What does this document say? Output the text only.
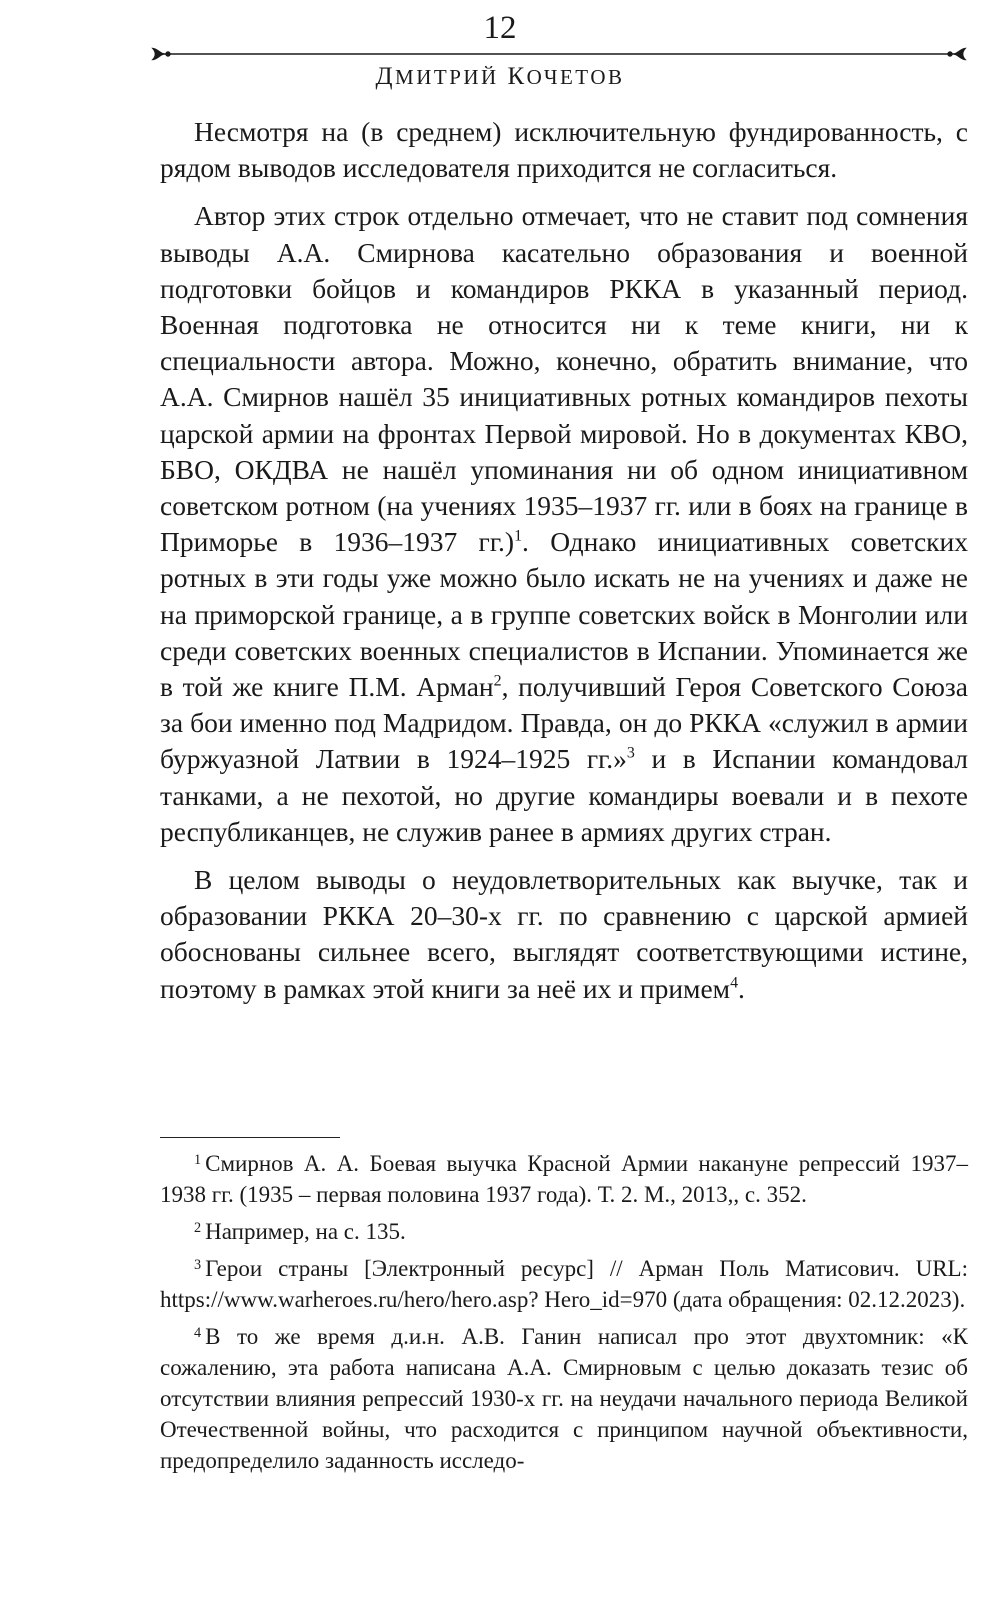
12
ДМИТРИЙ КОЧЕТОВ

Несмотря на (в среднем) исключительную фундированность, с рядом выводов исследователя приходится не согласиться.

Автор этих строк отдельно отмечает, что не ставит под сомнения выводы А.А. Смирнова касательно образования и военной подготовки бойцов и командиров РККА в указанный период. Военная подготовка не относится ни к теме книги, ни к специальности автора. Можно, конечно, обратить внимание, что А.А. Смирнов нашёл 35 инициативных ротных командиров пехоты царской армии на фронтах Первой мировой. Но в документах КВО, БВО, ОКДВА не нашёл упоминания ни об одном инициативном советском ротном (на учениях 1935–1937 гг. или в боях на границе в Приморье в 1936–1937 гг.)$^1$. Однако инициативных советских ротных в эти годы уже можно было искать не на учениях и даже не на приморской границе, а в группе советских войск в Монголии или среди советских военных специалистов в Испании. Упоминается же в той же книге П.М. Арман$^2$, получивший Героя Советского Союза за бои именно под Мадридом. Правда, он до РККА «служил в армии буржуазной Латвии в 1924–1925 гг.»$^3$ и в Испании командовал танками, а не пехотой, но другие командиры воевали и в пехоте республиканцев, не служив ранее в армиях других стран.

В целом выводы о неудовлетворительных как выучке, так и образовании РККА 20–30-х гг. по сравнению с царской армией обоснованы сильнее всего, выглядят соответствующими истине, поэтому в рамках этой книги за неё их и примем$^4$.

$^1$ Смирнов А. А. Боевая выучка Красной Армии накануне репрессий 1937–1938 гг. (1935 – первая половина 1937 года). Т. 2. М., 2013,, с. 352.

$^2$ Например, на с. 135.

$^3$ Герои страны [Электронный ресурс] // Арман Поль Матисович. URL: https://www.warheroes.ru/hero/hero.asp? Hero_id=970 (дата обращения: 02.12.2023).

$^4$ В то же время д.и.н. А.В. Ганин написал про этот двухтомник: «К сожалению, эта работа написана А.А. Смирновым с целью доказать тезис об отсутствии влияния репрессий 1930-х гг. на неудачи начального периода Великой Отечественной войны, что расходится с принципом научной объективности, предопределило заданность исследо-
